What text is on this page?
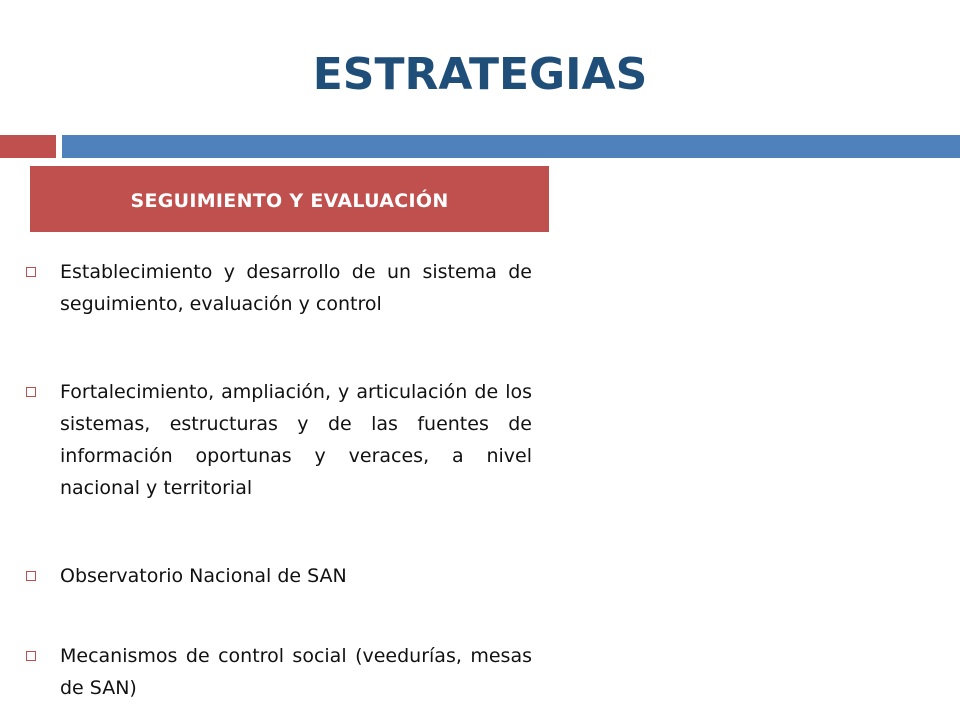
ESTRATEGIAS
SEGUIMIENTO Y EVALUACIÓN
Establecimiento y desarrollo de un sistema de seguimiento, evaluación y control
Fortalecimiento, ampliación, y articulación de los sistemas, estructuras y de las fuentes de información oportunas y veraces, a nivel nacional y territorial
Observatorio Nacional de SAN
Mecanismos de control social (veedurías, mesas de SAN)
